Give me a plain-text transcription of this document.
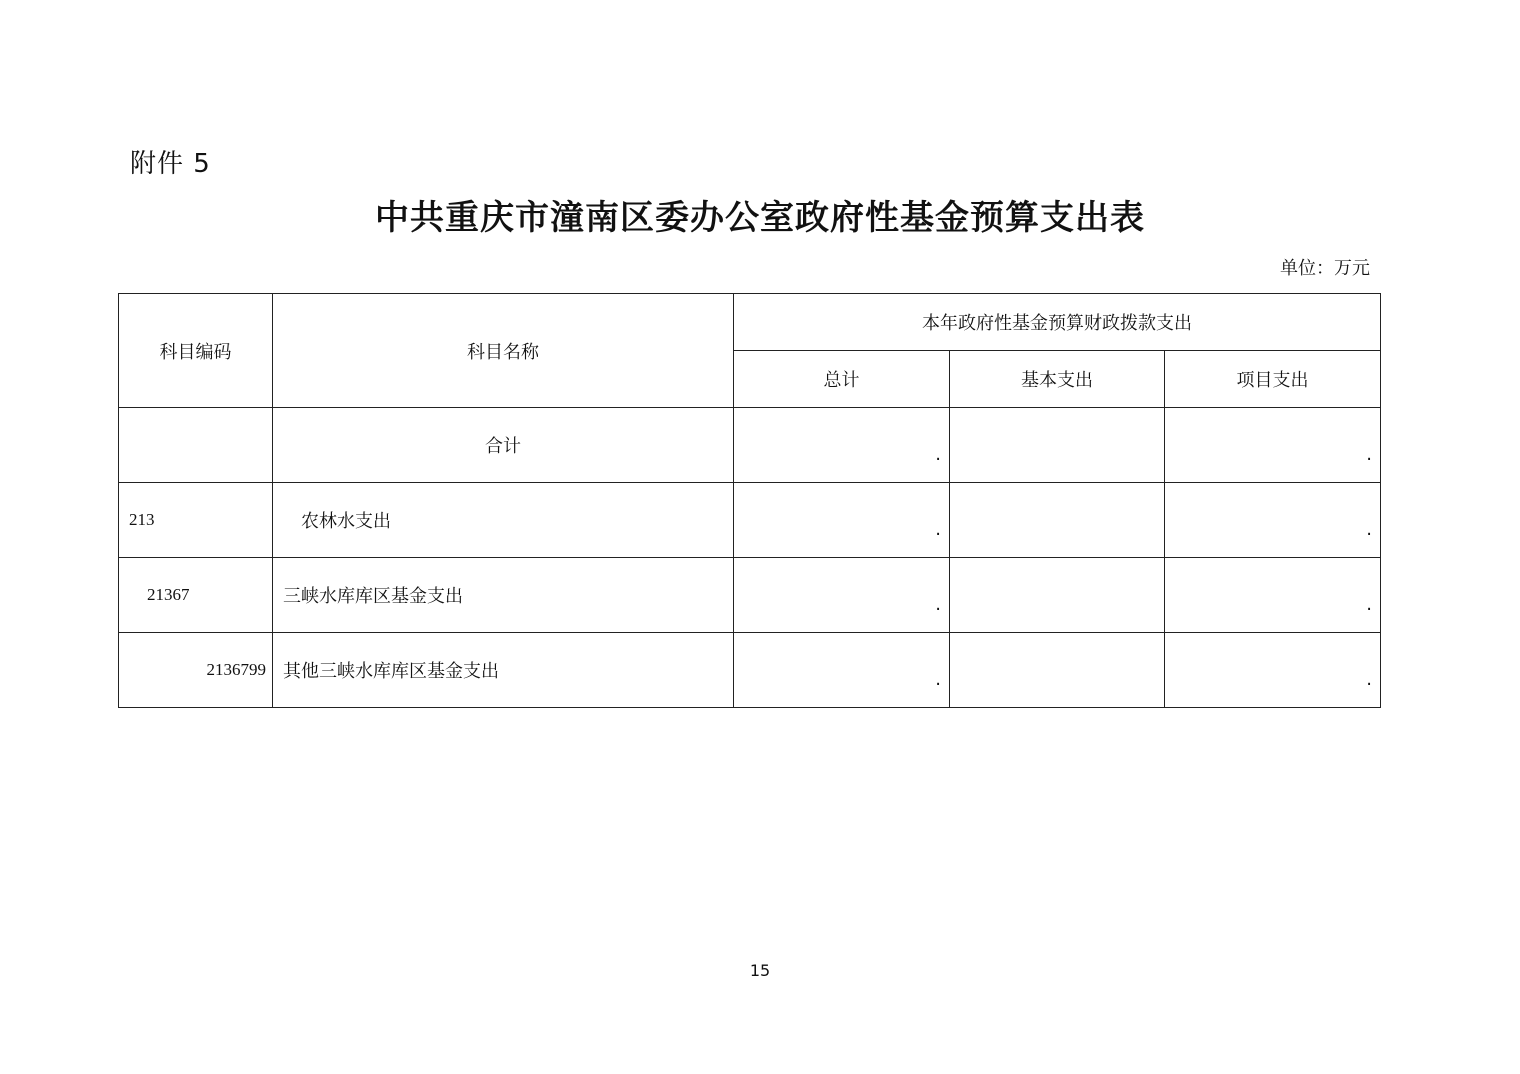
附件 5
中共重庆市潼南区委办公室政府性基金预算支出表
单位：万元
科目编码	科目名称	本年政府性基金预算财政拨款支出		
		总计	基本支出	项目支出
	合计	.		.
213	农林水支出	.		.
21367	三峡水库库区基金支出	.		.
2136799	其他三峡水库库区基金支出	.		.
15
